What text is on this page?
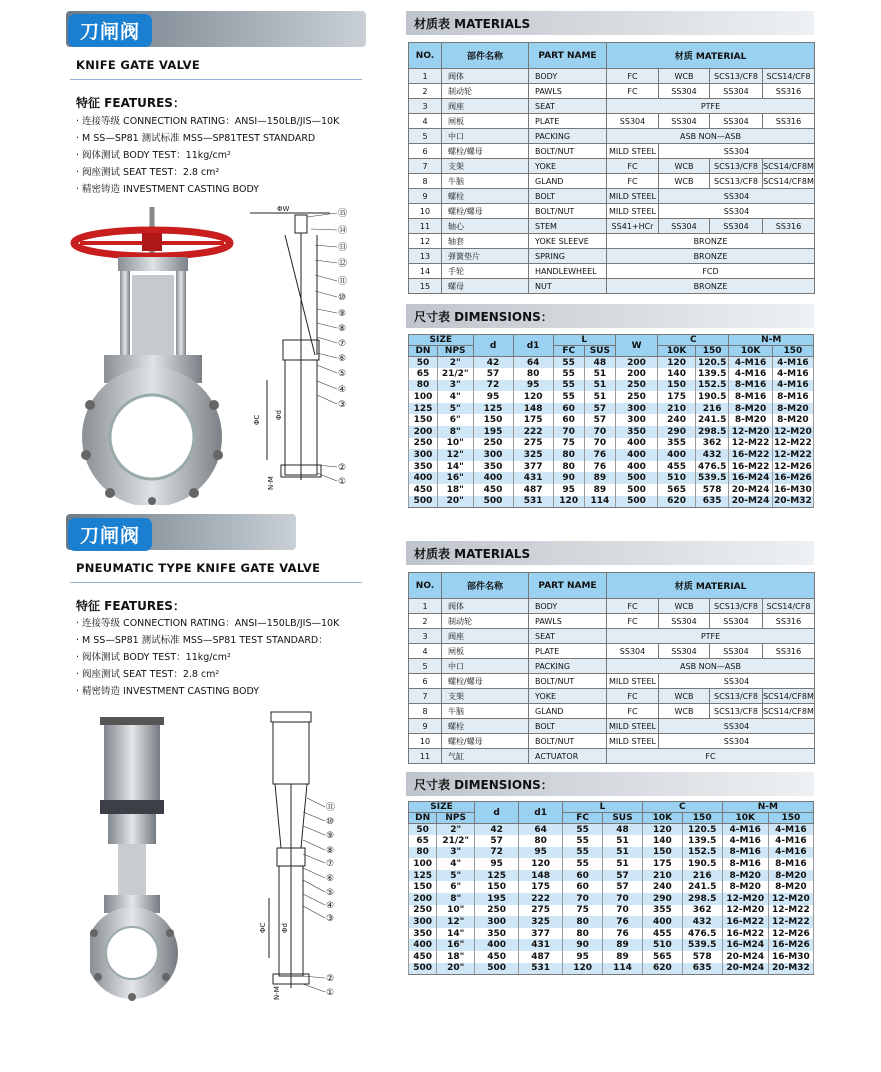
刀闸阀
KNIFE GATE VALVE
特征 FEATURES：
· 连接等级 CONNECTION RATING：ANSI—150LB/JIS—10K
· M SS—SP81 测试标准 MSS—SP81TEST STANDARD
· 阀体测试 BODY TEST：11kg/cm²
· 阀座测试 SEAT TEST：2.8 cm²
· 精密铸造 INVESTMENT CASTING BODY
⑮
⑭
⑬
⑫
⑪
⑩
⑨
⑧
⑦
⑥
⑤
④
③
②
①
ΦW
ΦC Φd
N-M
刀闸阀
PNEUMATIC TYPE KNIFE GATE VALVE
特征 FEATURES：
· 连接等级 CONNECTION RATING：ANSI—150LB/JIS—10K
· M SS—SP81 测试标准 MSS—SP81 TEST STANDARD：
· 阀体测试 BODY TEST：11kg/cm²
· 阀座测试 SEAT TEST：2.8 cm²
· 精密铸造 INVESTMENT CASTING BODY
⑪
⑩
⑨
⑧
⑦
⑥
⑤
④
③
②
①
ΦC Φd
N-M
材质表 MATERIALS
NO.	部件名称	PART NAME	材质 MATERIAL			
1	阀体	BODY	FC	WCB	SCS13/CF8	SCS14/CF8
2	制动轮	PAWLS	FC	SS304	SS304	SS316
3	阀座	SEAT	PTFE			
4	闸板	PLATE	SS304	SS304	SS304	SS316
5	中口	PACKING	ASB NON—ASB			
6	螺栓/螺母	BOLT/NUT	MILD STEEL	SS304		
7	支架	YOKE	FC	WCB	SCS13/CF8	SCS14/CF8M
8	牛脑	GLAND	FC	WCB	SCS13/CF8	SCS14/CF8M
9	螺栓	BOLT	MILD STEEL	SS304		
10	螺栓/螺母	BOLT/NUT	MILD STEEL	SS304		
11	轴心	STEM	SS41+HCr	SS304	SS304	SS316
12	轴套	YOKE SLEEVE	BRONZE			
13	弹簧垫片	SPRING	BRONZE			
14	手轮	HANDLEWHEEL	FCD			
15	螺母	NUT	BRONZE			
尺寸表 DIMENSIONS：
SIZE		d	d1	L		W	C		N-M	
DN	NPS			FC	SUS		10K	150	10K	150
50	2"	42	64	55	48	200	120	120.5	4-M16	4-M16
65	21/2"	57	80	55	51	200	140	139.5	4-M16	4-M16
80	3"	72	95	55	51	250	150	152.5	8-M16	4-M16
100	4"	95	120	55	51	250	175	190.5	8-M16	8-M16
125	5"	125	148	60	57	300	210	216	8-M20	8-M20
150	6"	150	175	60	57	300	240	241.5	8-M20	8-M20
200	8"	195	222	70	70	350	290	298.5	12-M20	12-M20
250	10"	250	275	75	70	400	355	362	12-M22	12-M22
300	12"	300	325	80	76	400	400	432	16-M22	12-M22
350	14"	350	377	80	76	400	455	476.5	16-M22	12-M26
400	16"	400	431	90	89	500	510	539.5	16-M24	16-M26
450	18"	450	487	95	89	500	565	578	20-M24	16-M30
500	20"	500	531	120	114	500	620	635	20-M24	20-M32
材质表 MATERIALS
NO.	部件名称	PART NAME	材质 MATERIAL			
1	阀体	BODY	FC	WCB	SCS13/CF8	SCS14/CF8
2	制动轮	PAWLS	FC	SS304	SS304	SS316
3	阀座	SEAT	PTFE			
4	闸板	PLATE	SS304	SS304	SS304	SS316
5	中口	PACKING	ASB NON—ASB			
6	螺栓/螺母	BOLT/NUT	MILD STEEL	SS304		
7	支架	YOKE	FC	WCB	SCS13/CF8	SCS14/CF8M
8	牛脑	GLAND	FC	WCB	SCS13/CF8	SCS14/CF8M
9	螺栓	BOLT	MILD STEEL	SS304		
10	螺栓/螺母	BOLT/NUT	MILD STEEL	SS304		
11	气缸	ACTUATOR	FC			
尺寸表 DIMENSIONS：
SIZE		d	d1	L		C		N-M	
DN	NPS			FC	SUS	10K	150	10K	150
50	2"	42	64	55	48	120	120.5	4-M16	4-M16
65	21/2"	57	80	55	51	140	139.5	4-M16	4-M16
80	3"	72	95	55	51	150	152.5	8-M16	4-M16
100	4"	95	120	55	51	175	190.5	8-M16	8-M16
125	5"	125	148	60	57	210	216	8-M20	8-M20
150	6"	150	175	60	57	240	241.5	8-M20	8-M20
200	8"	195	222	70	70	290	298.5	12-M20	12-M20
250	10"	250	275	75	70	355	362	12-M20	12-M22
300	12"	300	325	80	76	400	432	16-M22	12-M22
350	14"	350	377	80	76	455	476.5	16-M22	12-M26
400	16"	400	431	90	89	510	539.5	16-M24	16-M26
450	18"	450	487	95	89	565	578	20-M24	16-M30
500	20"	500	531	120	114	620	635	20-M24	20-M32
